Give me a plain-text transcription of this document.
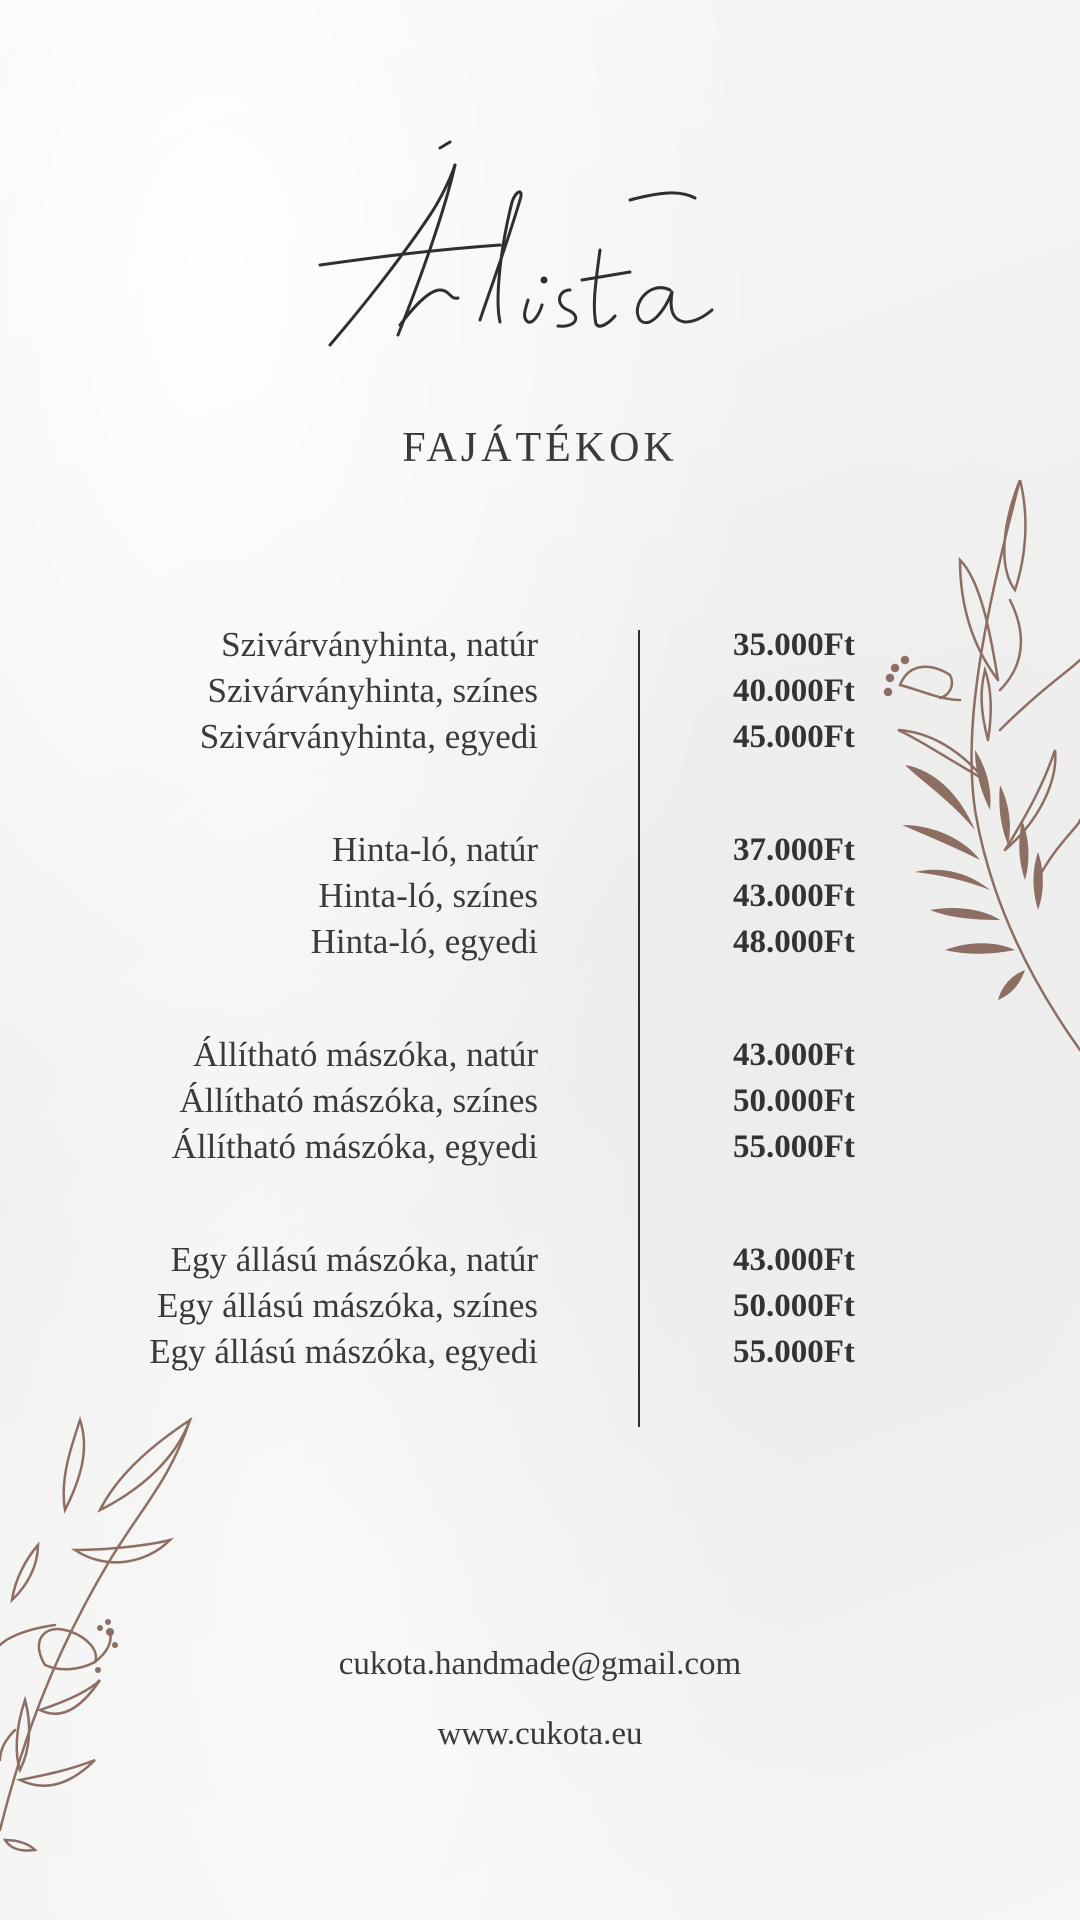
FAJÁTÉKOK
Szivárványhinta, natúr	35.000Ft
Szivárványhinta, színes	40.000Ft
Szivárványhinta, egyedi	45.000Ft
Hinta-ló, natúr	37.000Ft
Hinta-ló, színes	43.000Ft
Hinta-ló, egyedi	48.000Ft
Állítható mászóka, natúr	43.000Ft
Állítható mászóka, színes	50.000Ft
Állítható mászóka, egyedi	55.000Ft
Egy állású mászóka, natúr	43.000Ft
Egy állású mászóka, színes	50.000Ft
Egy állású mászóka, egyedi	55.000Ft
cukota.handmade@gmail.com
www.cukota.eu
